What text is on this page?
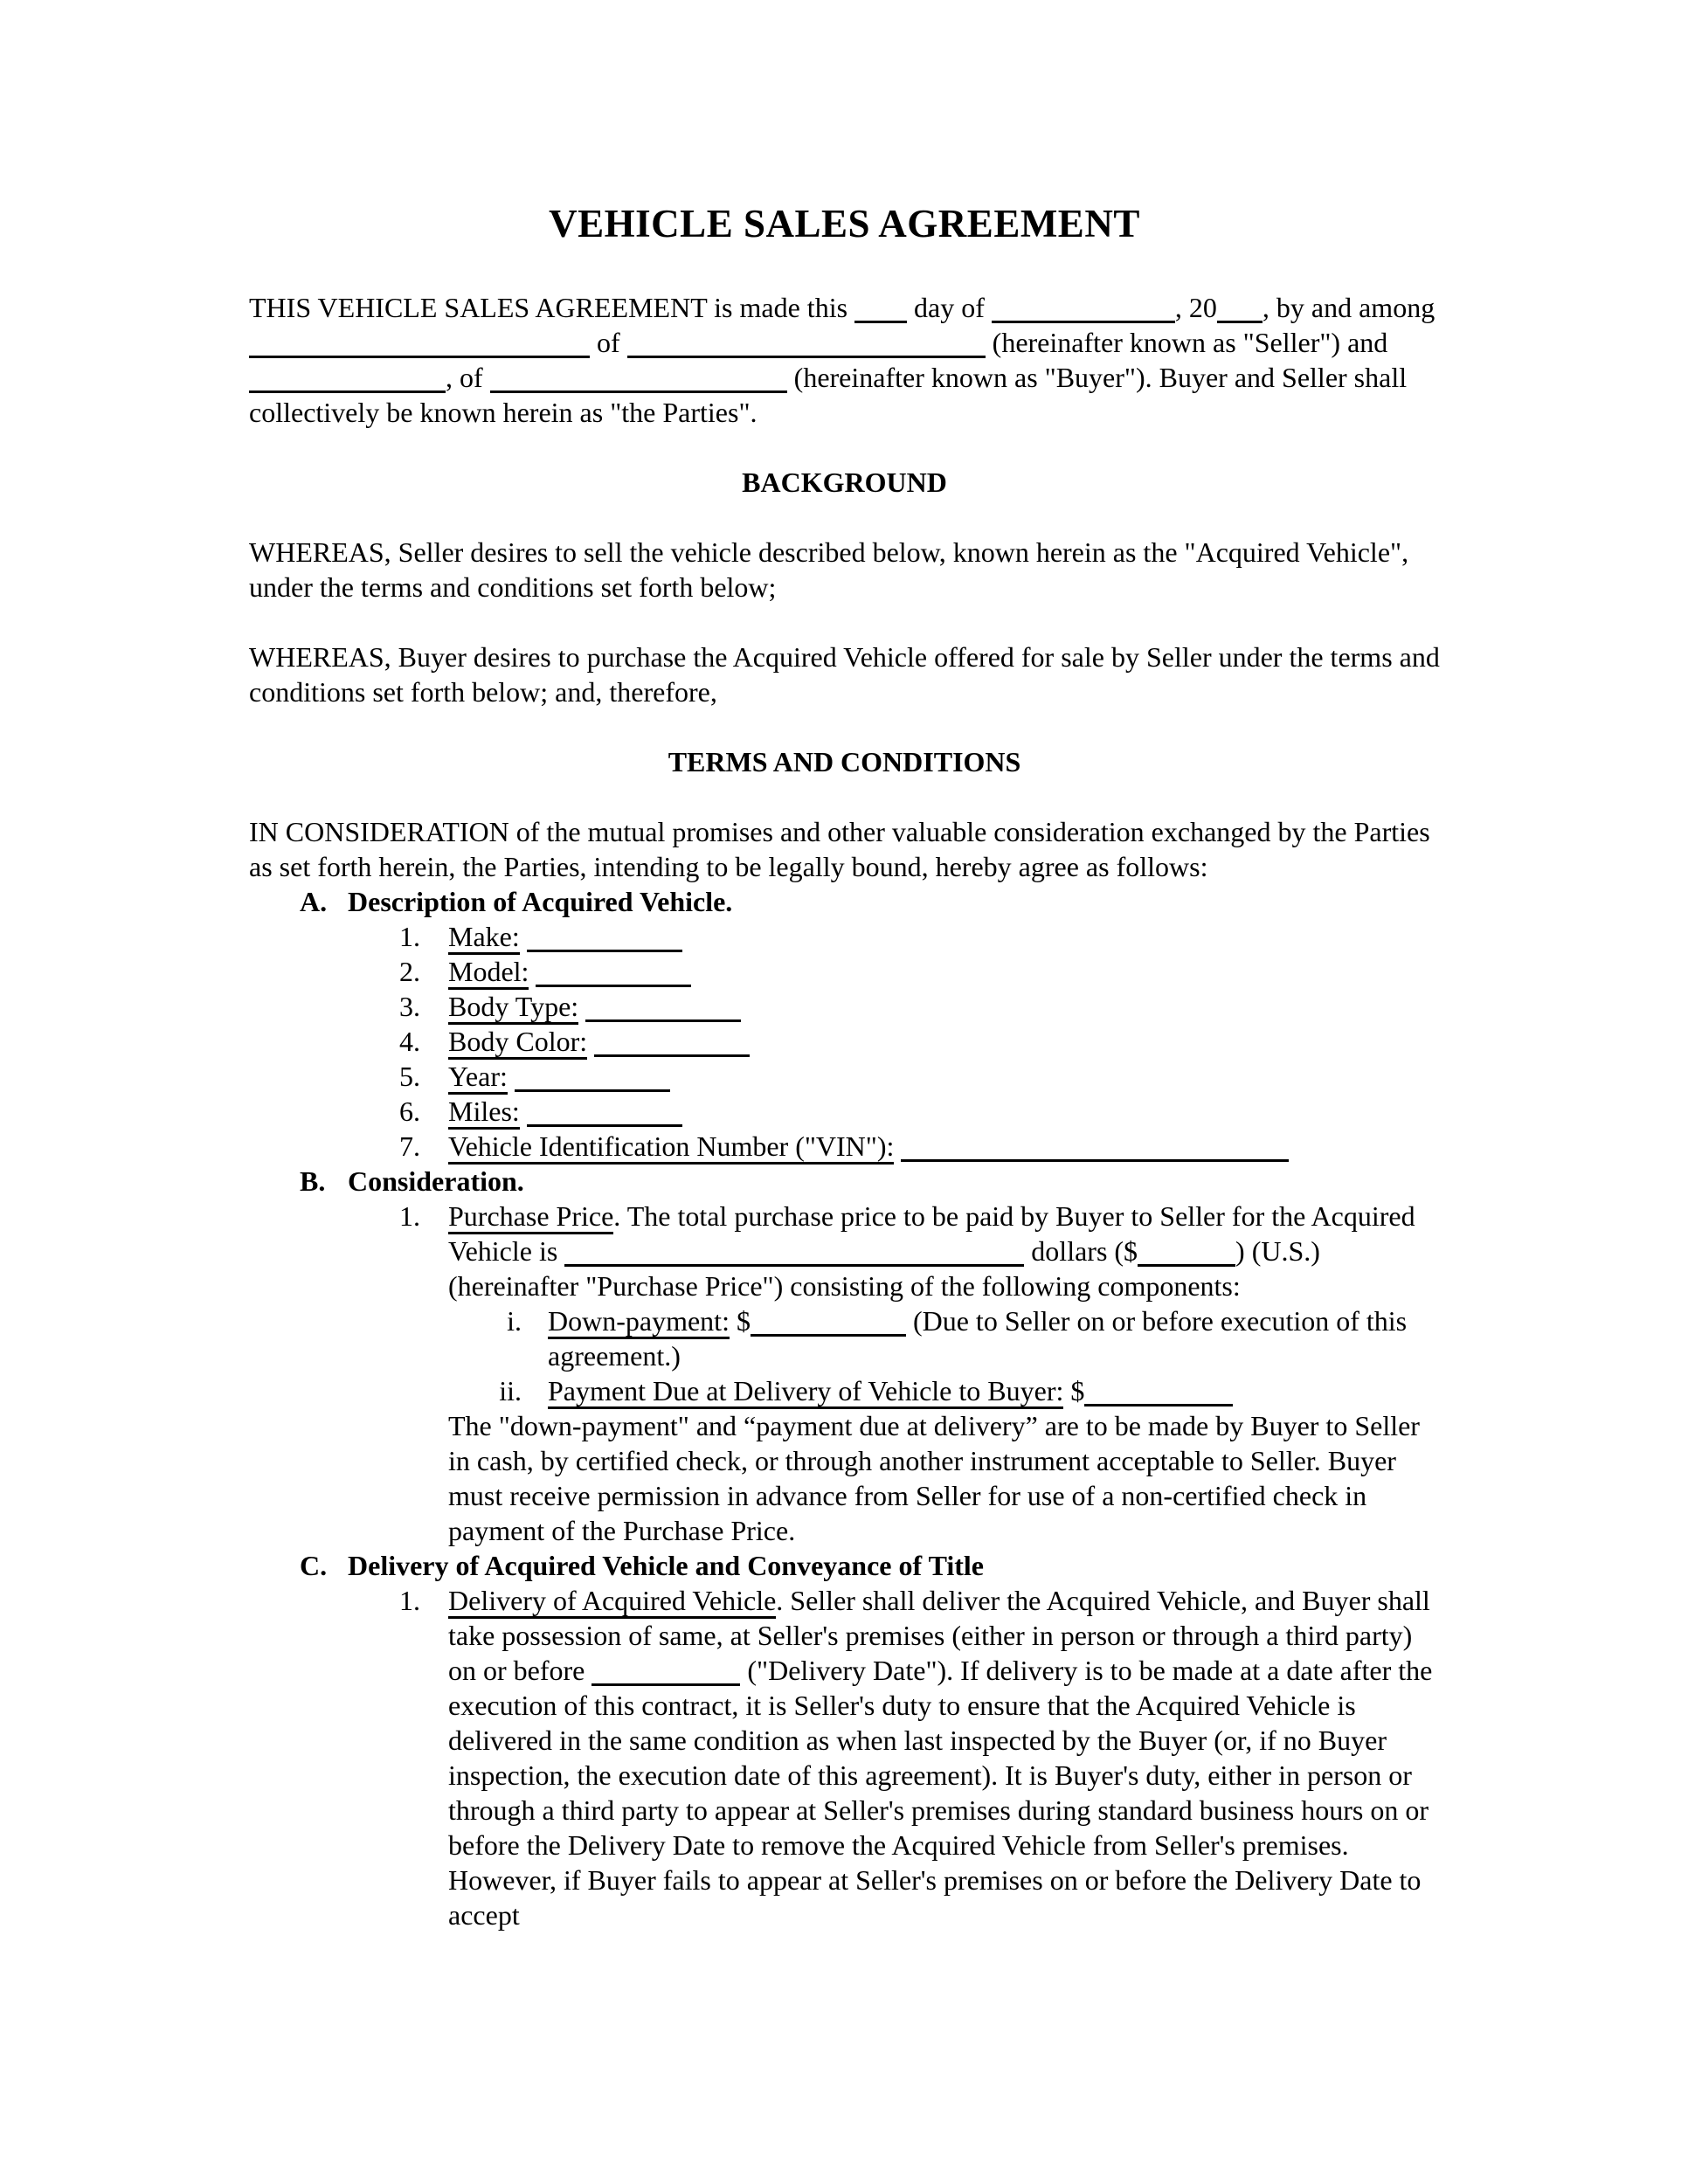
VEHICLE SALES AGREEMENT

THIS VEHICLE SALES AGREEMENT is made this  day of	, 20 , by and among  of	(hereinafter known as "Seller") and , of	(hereinafter known as "Buyer"). Buyer and Seller shall collectively be known herein as "the Parties".

BACKGROUND

WHEREAS, Seller desires to sell the vehicle described below, known herein as the "Acquired Vehicle", under the terms and conditions set forth below;

WHEREAS, Buyer desires to purchase the Acquired Vehicle offered for sale by Seller under the terms and conditions set forth below; and, therefore,

TERMS AND CONDITIONS

IN CONSIDERATION of the mutual promises and other valuable consideration exchanged by the Parties as set forth herein, the Parties, intending to be legally bound, hereby agree as follows:

A. Description of Acquired Vehicle.
1.	Make:
2.	Model:
3.	Body Type:
4.	Body Color:
5.	Year:
6.	Miles:
7.	Vehicle Identification Number ("VIN"):
B. Consideration.
1.	Purchase Price. The total purchase price to be paid by Buyer to Seller for the Acquired Vehicle is	dollars ($	) (U.S.) (hereinafter "Purchase Price") consisting of the following components:
i. Down-payment: $	(Due to Seller on or before execution of this agreement.)
ii. Payment Due at Delivery of Vehicle to Buyer: $

The "down-payment" and “payment due at delivery” are to be made by Buyer to Seller in cash, by certified check, or through another instrument acceptable to Seller. Buyer must receive permission in advance from Seller for use of a non-certified check in payment of the Purchase Price.

C. Delivery of Acquired Vehicle and Conveyance of Title
1.	Delivery of Acquired Vehicle. Seller shall deliver the Acquired Vehicle, and Buyer shall take possession of same, at Seller's premises (either in person or through a third party) on or before	("Delivery Date"). If delivery is to be made at a date after the execution of this contract, it is Seller's duty to ensure that the Acquired Vehicle is delivered in the same condition as when last inspected by the Buyer (or, if no Buyer inspection, the execution date of this agreement). It is Buyer's duty, either in person or through a third party to appear at Seller's premises during standard business hours on or before the Delivery Date to remove the Acquired Vehicle from Seller's premises. However, if Buyer fails to appear at Seller's premises on or before the Delivery Date to accept
